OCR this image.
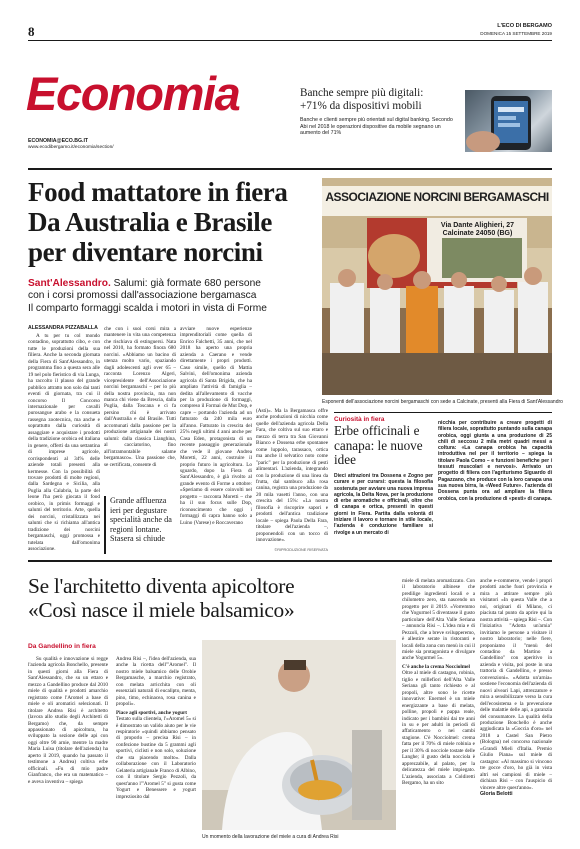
8	L'ECO DI BERGAMO
DOMENICA 15 SETTEMBRE 2019
Economia
ECONOMIA@ECO.BG.IT
www.ecodibergamo.it/economia/section/
Banche sempre più digitali: +71% da dispositivi mobili
Banche e clienti sempre più orientati sul digital banking. Secondo Abi nel 2018 le operazioni dispositive da mobile segnano un aumento del 71%
Food mattatore in fiera
Da Australia e Brasile
per diventare norcini
Sant'Alessandro. Salumi: già formate 680 persone
con i corsi promossi dall'associazione bergamasca
Il comparto formaggi scalda i motori in vista di Forme
ALESSANDRA PIZZABALLA
A tu per tu col mondo contadino, soprattutto cibo, e con tutte le produzioni della sua filiera. Anche la seconda giornata della Fiera di Sant'Alessandro, in programma fino a questa sera alle 19 nel polo fieristico di via Lunga, ha raccolto il plauso del grande pubblico attratto non solo dai tanti eventi di giornata, tra cui il concorso Il Concorso internazionale per cavalli purosangue arabo e la consueta rassegna zootecnica, ma anche e soprattutto dalla curiosità di assaggiare e acquistare i prodotti della tradizione orobica ed italiana in genere, offerti da una settantina di imprese agricole, corrispondenti al 34% delle aziende totali presenti alla kermesse. Con la possibilità di trovare prodotti di molte regioni, dalla Sardegna e Sicilia, alla Puglia alla Calabria, la parte del leone l'ha però giocata il food orobico, in primis formaggi e salumi del territorio. Arte, quella dei norcini, cristallizzata nei salumi che si richiama all'antica tradizione dei norcini bergamaschi, oggi promossa e tutelata dall'omonima associazione.
che con i suoi corsi mira a mantenere in vita una competenza che rischiava di estinguersi. Nata nel 2010, ha formato finora 680 norcini. «Abbiamo un bacino di utenza molto vario, spaziando dagli adolescenti agli over 65 – racconta Lorenzo Algeri, vicepresidente dell'Associazione norcini bergamaschi – per lo più della nostra provincia, ma non manca chi viene da Brescia, dalla Puglia, dalla Toscana e ci fa persino chi è arrivato dall'Australia e dal Brasile. Tutti accomunati dalla passione per la produzione artigianale dei nostri salumi: dalla classica Lianghina, al cacciatorino, fino all'intramontabile salame bergamasco». Una passione che, se certificata, consente di
Grande affluenza ieri per degustare specialità anche da regioni lontane. Stasera si chiude
avviare nuove esperienze imprenditoriali come quella di Enrico Falchetti, 35 anni, che nel 2018 ha aperto una propria azienda a Caerano e vende direttamente i propri prodotti. Caso simile, quello di Mattia Salvini, dell'omonima azienda agricola di Santa Brigida, che ha ampliato l'attività di famiglia – dedita all'allevamento di vacche per la produzione di formaggi, compreso il Formai de Mut Dop, e capre – portando l'azienda ad un fatturato da 240 mila euro all'anno. Fatturato in crescita del 25% negli ultimi 4 anni anche per Casa Eden, protagonista di un recente passaggio generazionale che vede il giovane Andrea Moretti, 22 anni, costruire il proprio futuro in agricoltura. Lo sguardo, dopo la Fiera di Sant'Alessandro, è già rivolto al grande evento di Forme a ottobre: «Speriamo di essere coinvolti nel progetto – racconta Moretti – che ha il suo focus sulle Dop, riconoscimento che oggi i formaggi di capra hanno solo a Luino (Varese) e Roccaverano
ASSOCIAZIONE NORCINI BERGAMASCHI
Via Dante Alighieri, 27
Calcinate 24050 (BG)
Esponenti dell'associazione norcini bergamaschi con sede a Calcinate, presenti alla Fiera di Sant'Alessandro
(Asti)». Ma la Bergamasca offre anche produzioni di nicchia come quelle dell'azienda agricola Della Fara, che coltiva sul suo ettaro e mezzo di terra tra San Giovanni Bianco e Dossena erbe spontanee come luppolo, tarassaco, ortica ma anche il selvatico noto come "parìc" per la produzione di pesti alimentari. L'azienda, integrando con la produzione di una linea da frutta, dal sambuco alla rosa canina, registra una produzione da 20 mila vasetti l'anno, con una crescita del 15%: «La nostra filosofia è riscoprire sapori e prodotti dell'antica tradizione locale – spiega Paola Della Fara, titolare dell'azienda –, proponendoli con un tocco di innovazione».
©RIPRODUZIONE RISERVATA
Curiosità in fiera
Erbe officinali e canapa: le nuove idee
Dieci attrazioni tra Dossena e Zogno per curare e per curarsi: questa la filosofia sostenuta per avviare una nuova impresa agricola, la Delta Nova, per la produzione di erbe aromatiche e officinali, oltre che di canapa e ortica, presenti in questi giorni in Fiera. Partita dalla volontà di iniziare il lavoro e tornare in stile locale, l'azienda è conduzione familiare si rivolge a un mercato di
nicchia per contribuire a creare progetti di filiera locale, soprattutto puntando sulla canapa orobica, oggi giunta a una produzione di 25 chili di seccosu 2 mila metri quadri messi a coltura: «La canapa orobica ha capacità introduttiva nel per il territorio – spiega la titolare Paola Como – e funzioni benefiche per i tessuti muscolari e nervosi». Arrivato un progetto di filiera con l'agriturismo Siguardo di Pagazzano, che produce con la loro canapa una sua nuova birra, la «Weed Future». l'azienda di Dossena punta ora ad ampliare la filiera orobica, con la produzione di «pesti» di canapa.
Se l'architetto diventa apicoltore
«Così nasce il miele balsamico»
Da Gandellino in fiera
Su qualità e innovazione si regge l'azienda agricola Bonchello, presente in questi giorni alla Fiera di Sant'Alessandro, che su un ettaro e mezzo a Gandellino produce dal 2010 miele di qualità e prodotti amarchio registrato come l'Aromel a base di miele e oli aromatici selezionati. Il titolare Andrea Risi è architetto (lavora allo studio degli Architetti di Bergamo) che, da sempre appassionato di apicoltura, ha sviluppato la sezione delle api con oggi oltre 90 arnie, mentre la madre Maria Luisa (titolare dell'azienda) ha aperto il 2019, quando ha passato il testimone a Andrea) coltiva erbe officinali. «Fu di mio padre Gianfranco, che era un matematico – e aveva inventiva – spiega

Andrea Risi –, l'idea dell'azienda, sua anche la ricetta dell'"Aromel". Il nostro miele balsamico delle Orobie Bergamasche, a marchio registrato, con melata arricchita con oli essenziali naturali di eucalipto, menta, pino, timo, echinacea, rosa canina e propoli».

Piace agli sportivi, anche yogurt

Testato sulla clientela, l'«Aromel 5» si è dimostrato un valido aiuto per le vie respiratorie «quindi abbiamo pensato di proporlo – precisa Risi – in confezione bustine da 5 grammi agli sportivi, ciclisti e non solo, soluzione che sta piacendo molto». Dalla collaborazione con il Laboratorio Gelateria artigianale Franco di Albino, con il titolare Sergio Pezzoli, da quest'anno l'"Aromel 5" si gusta come Yogurt e Benessere e yogurt impreziosito dal

Un momento della lavorazione del miele a cura di Andrea Risi

miele di melata aromatizzato. Con il laboratorio albinese che predilige ingredienti locali e a chilometro zero, sta nascendo un progetto per il 2019. «Vorremmo che Yogurmel 5 diventasse il gusto particolare dell'Alta Valle Seriana – annuncia Risi –. L'idea mia e di Pezzoli, che a breve svilupperemo, è allestire serate in ristoranti e locali della zona con menù in cui il miele sia protagonista e divulgare anche Yogurmel 5».

C'è anche la crema Nocciolmel

Oltre al miele di castagno, robinia, tiglio e millefiori dell'Alta Valle Seriana gli tanto richiesto e al propoli, altre sono le ricette innovative: Enermel è un miele energizzante a base di melata, polline, propoli e pappa reale, indicato per i bambini dai tre anni in su e per adulti in periodi di affaticamento o nei cambi stagione. C'è Nocciolmel: crema fatta per il 70% di miele robinia e per il 30% di nocciole tostate delle Langhe; il gusto della nocciola è apprezzabile, al palato, per la delicatezza del miele impiegato. L'azienda, associata a Coldiretti Bergamo, ha un sito

anche e-commerce, vende i propri prodotti anche fuori provincia e mira a attirare sempre più visitatori «In questa Valle che a noi, originari di Milano, ci piaciuta tal punto da aprire qui la nostra attività – spiega Risi –. Con l'iniziativa "Adotta un'arnia" invitiamo le persone a visitare il nostro laboratorio; nelle fiere, proponiamo il "menù del contadino da Martino a Gandellino" con aperitivo in azienda e visita, poi poste in una trattoria di Gandellino, e presso convenzioni». «Adotta un'arnia» sostiene l'economia dell'azienda di nuovi alveari Lapi, attrezzature e mira a sensibilizzare verso la cura dell'ecosistema e la prevenzione delle malattie delle api, a garanzia del consumatore. La qualità della produzione Bonchello è anche aggiudicata la «Goccia d'oro» nel 2018 a Castel San Pietro (Bologna) nel concorso nazionale «Grandi Mieli d'Italia. Premio Giulio Piana» sul miele di castagno: «Al massimo si vincono tre gocce d'oro, ho già in vista altri sei campioni di miele – dichiara Risi – con l'auspicio di vincere altre quest'anno».

Gloria Belotti
